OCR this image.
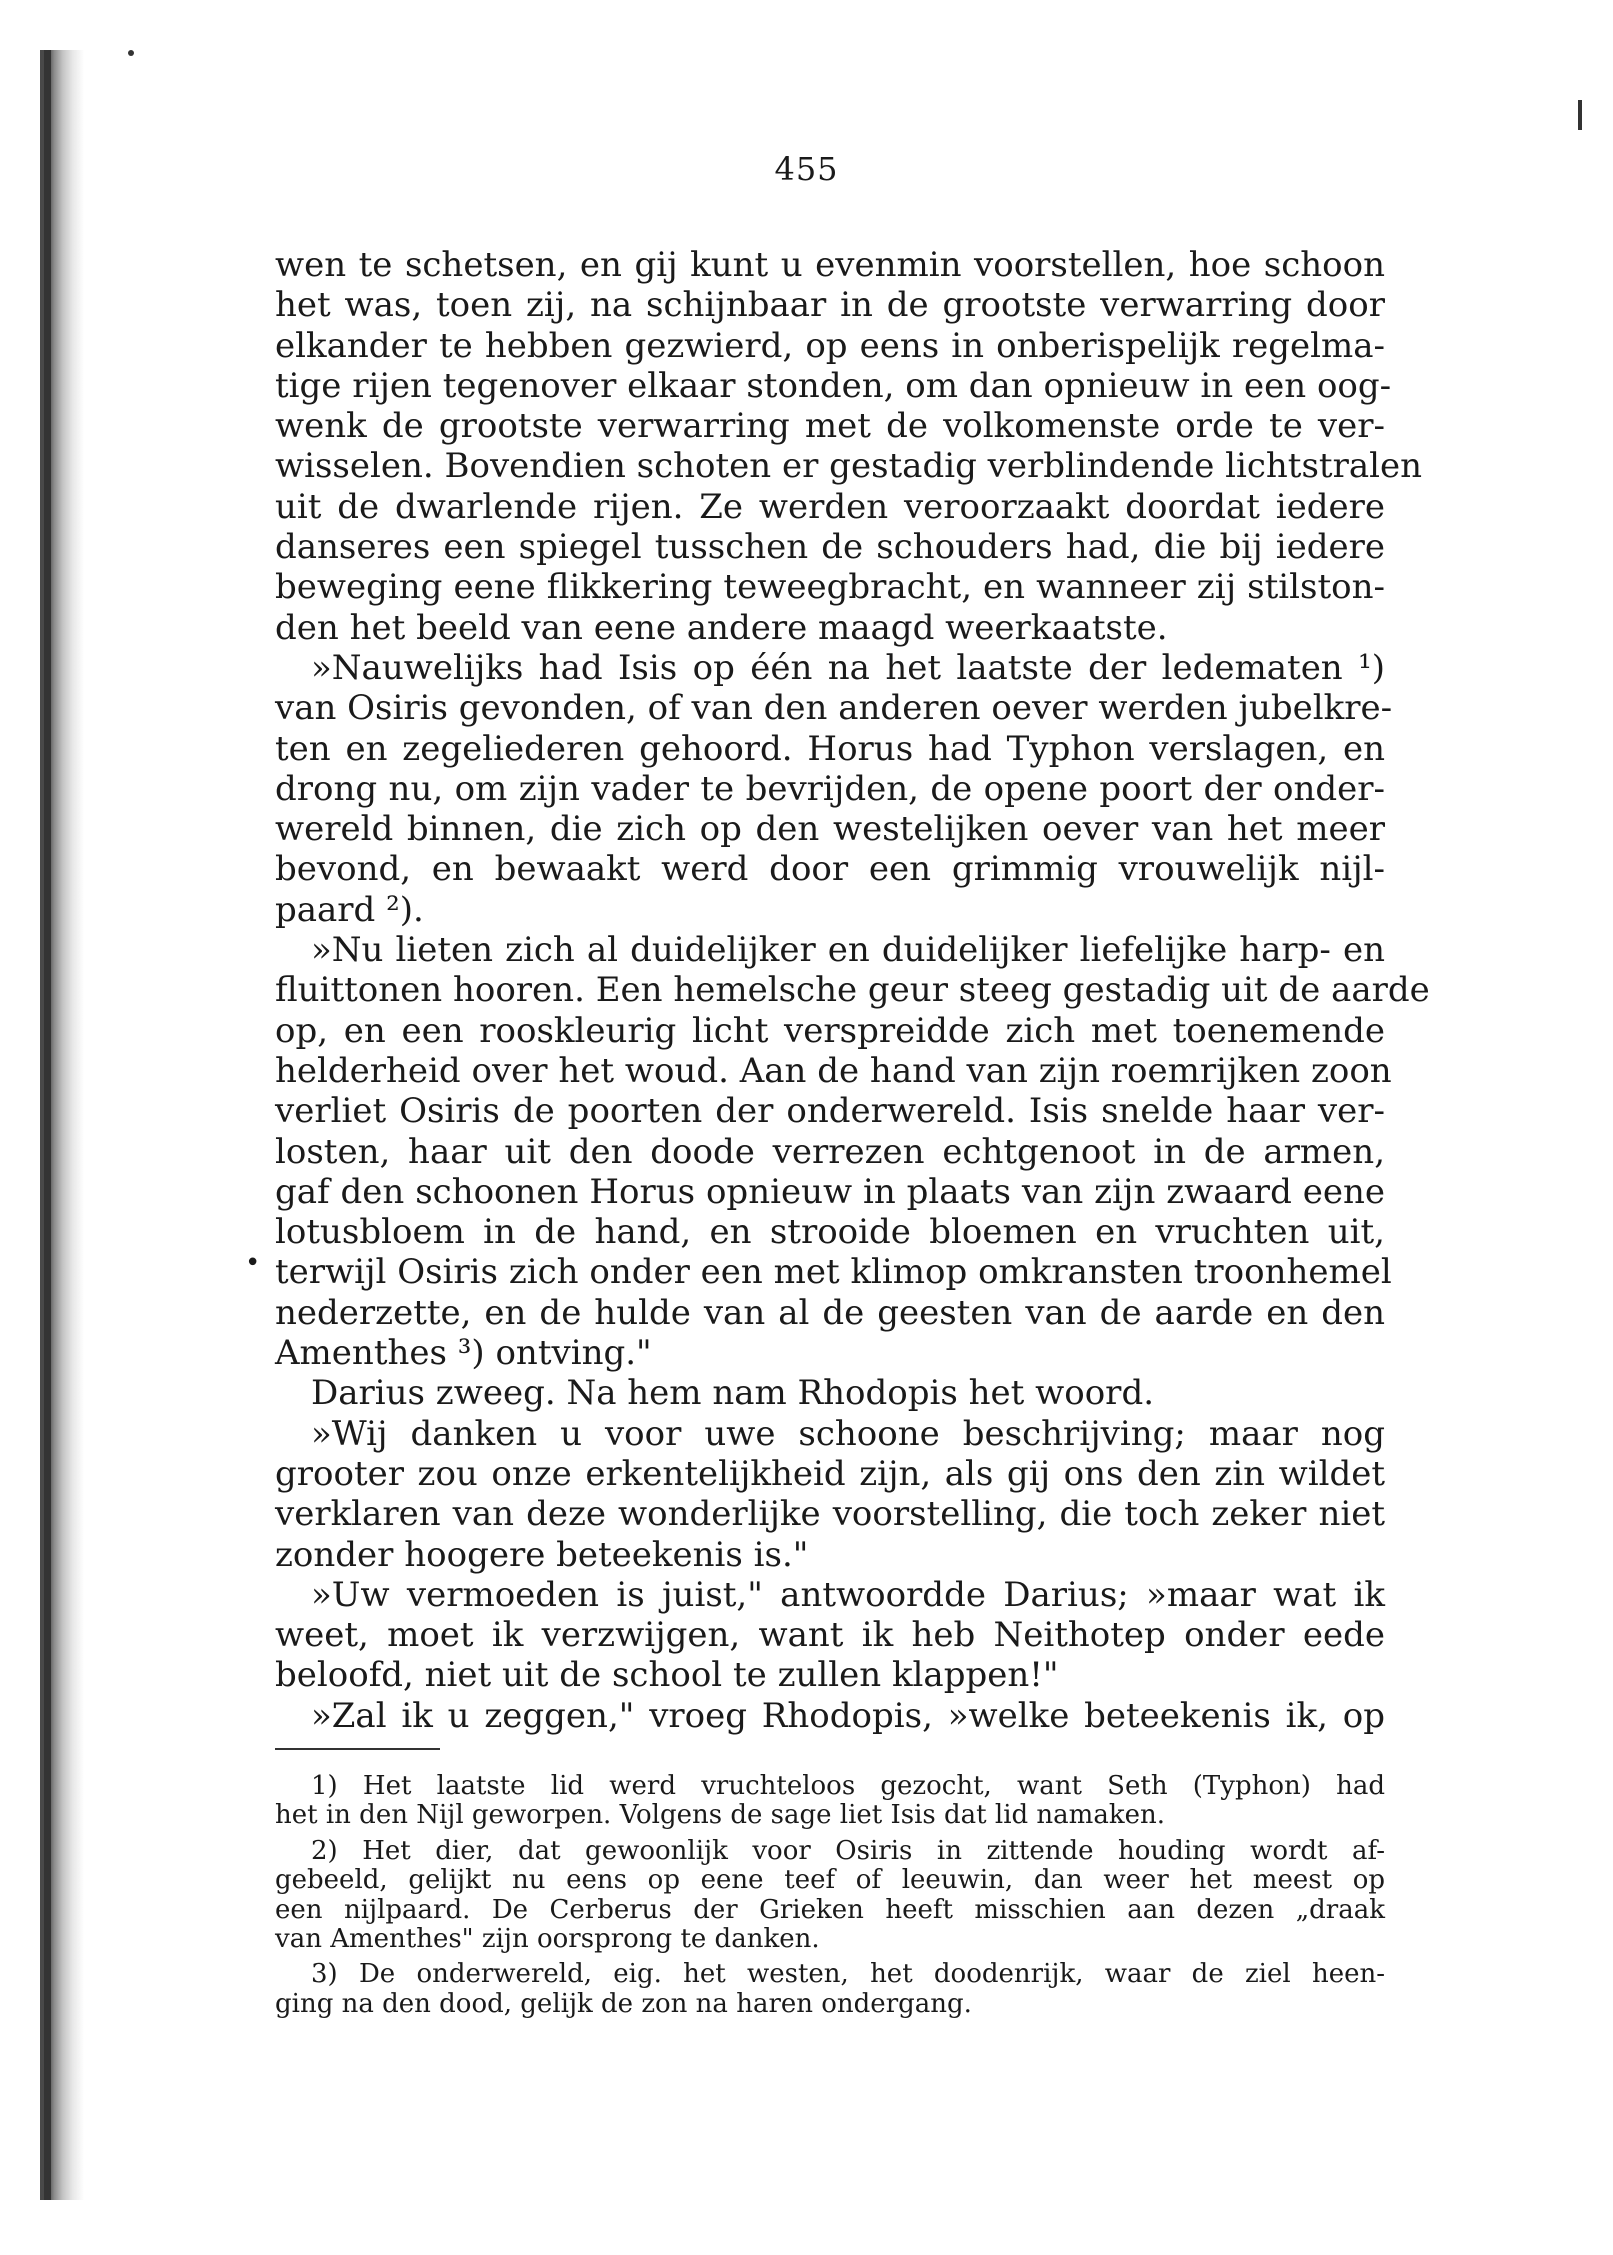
455
wen te schetsen, en gij kunt u evenmin voorstellen, hoe schoon
het was, toen zij, na schijnbaar in de grootste verwarring door
elkander te hebben gezwierd, op eens in onberispelijk regelma-
tige rijen tegenover elkaar stonden, om dan opnieuw in een oog-
wenk de grootste verwarring met de volkomenste orde te ver-
wisselen. Bovendien schoten er gestadig verblindende lichtstralen
uit de dwarlende rijen. Ze werden veroorzaakt doordat iedere
danseres een spiegel tusschen de schouders had, die bij iedere
beweging eene flikkering teweegbracht, en wanneer zij stilston-
den het beeld van eene andere maagd weerkaatste.
»Nauwelijks had Isis op één na het laatste der ledematen ¹)
van Osiris gevonden, of van den anderen oever werden jubelkre-
ten en zegeliederen gehoord. Horus had Typhon verslagen, en
drong nu, om zijn vader te bevrijden, de opene poort der onder-
wereld binnen, die zich op den westelijken oever van het meer
bevond, en bewaakt werd door een grimmig vrouwelijk nijl-
paard ²).
»Nu lieten zich al duidelijker en duidelijker liefelijke harp- en
fluittonen hooren. Een hemelsche geur steeg gestadig uit de aarde
op, en een rooskleurig licht verspreidde zich met toenemende
helderheid over het woud. Aan de hand van zijn roemrijken zoon
verliet Osiris de poorten der onderwereld. Isis snelde haar ver-
losten, haar uit den doode verrezen echtgenoot in de armen,
gaf den schoonen Horus opnieuw in plaats van zijn zwaard eene
lotusbloem in de hand, en strooide bloemen en vruchten uit,
terwijl Osiris zich onder een met klimop omkransten troonhemel
nederzette, en de hulde van al de geesten van de aarde en den
Amenthes ³) ontving."
Darius zweeg. Na hem nam Rhodopis het woord.
»Wij danken u voor uwe schoone beschrijving; maar nog
grooter zou onze erkentelijkheid zijn, als gij ons den zin wildet
verklaren van deze wonderlijke voorstelling, die toch zeker niet
zonder hoogere beteekenis is."
»Uw vermoeden is juist," antwoordde Darius; »maar wat ik
weet, moet ik verzwijgen, want ik heb Neithotep onder eede
beloofd, niet uit de school te zullen klappen!"
»Zal ik u zeggen," vroeg Rhodopis, »welke beteekenis ik, op
•
1) Het laatste lid werd vruchteloos gezocht, want Seth (Typhon) had
het in den Nijl geworpen. Volgens de sage liet Isis dat lid namaken.
2) Het dier, dat gewoonlijk voor Osiris in zittende houding wordt af-
gebeeld, gelijkt nu eens op eene teef of leeuwin, dan weer het meest op
een nijlpaard. De Cerberus der Grieken heeft misschien aan dezen „draak
van Amenthes" zijn oorsprong te danken.
3) De onderwereld, eig. het westen, het doodenrijk, waar de ziel heen-
ging na den dood, gelijk de zon na haren ondergang.
